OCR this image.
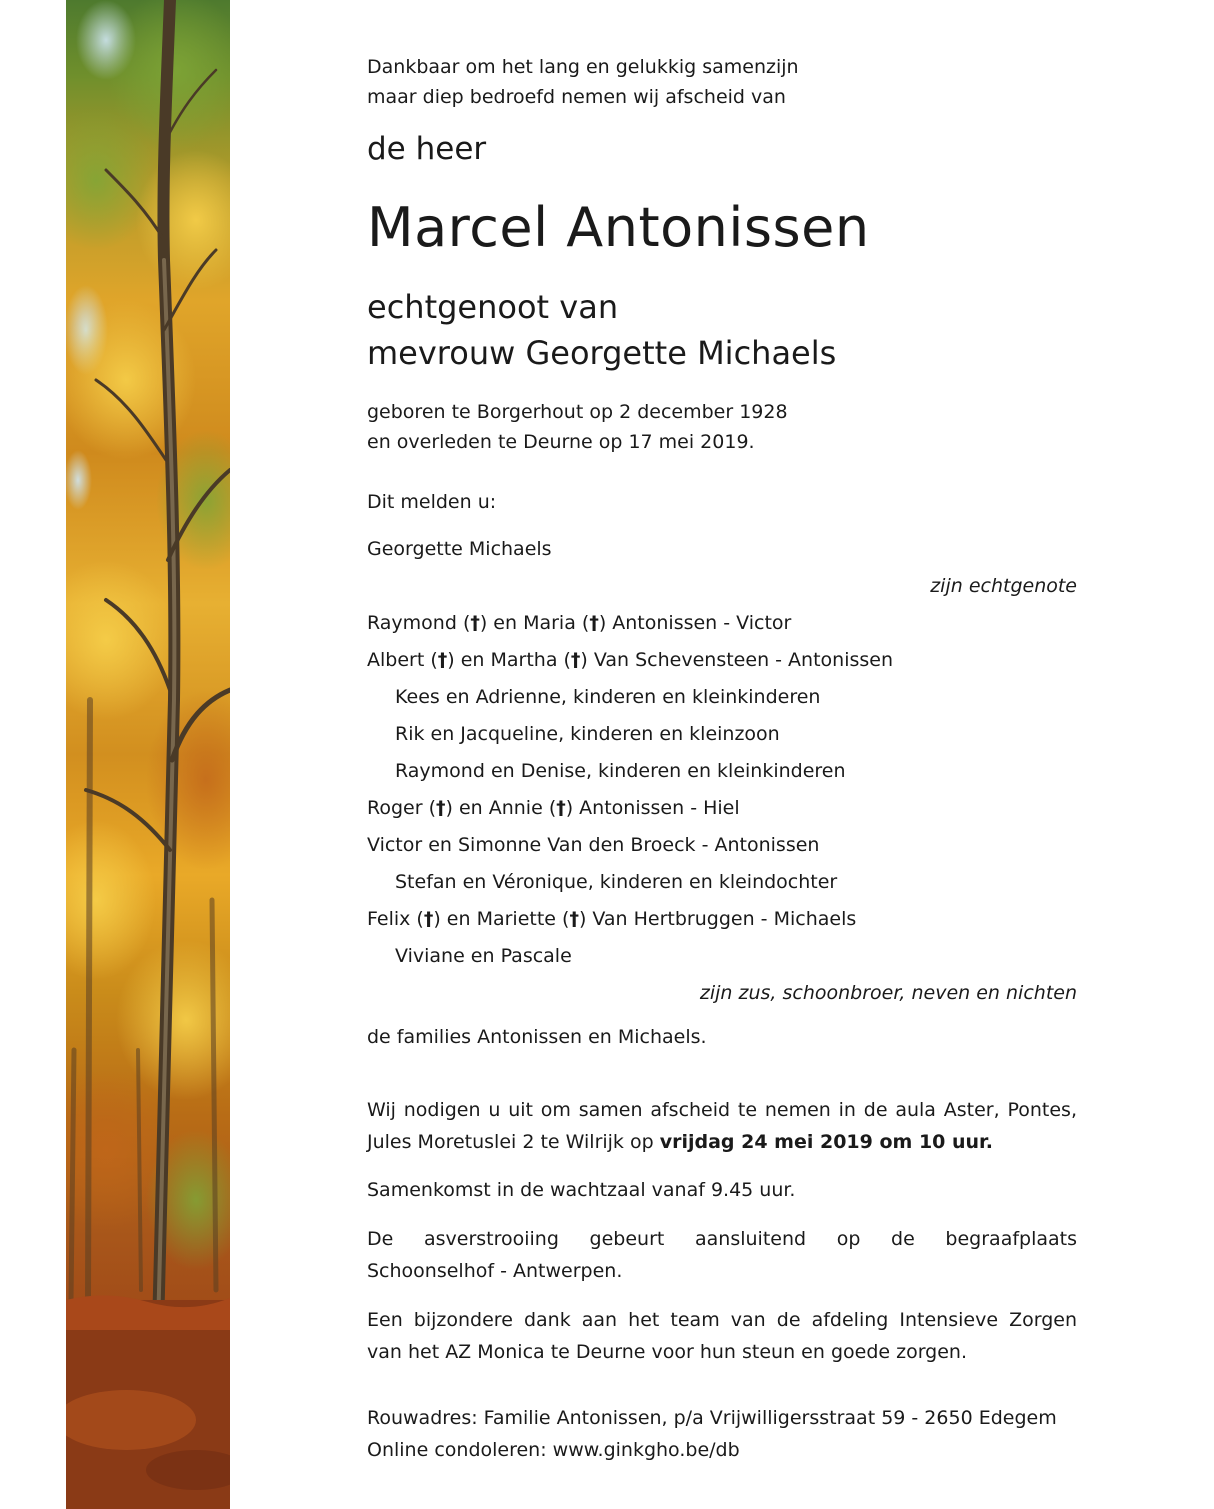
Dankbaar om het lang en gelukkig samenzijn
maar diep bedroefd nemen wij afscheid van
de heer
Marcel Antonissen
echtgenoot van
mevrouw Georgette Michaels
geboren te Borgerhout op 2 december 1928
en overleden te Deurne op 17 mei 2019.
Dit melden u:
Georgette Michaels
zijn echtgenote
Raymond (†) en Maria (†) Antonissen - Victor
Albert (†) en Martha (†) Van Schevensteen - Antonissen
Kees en Adrienne, kinderen en kleinkinderen
Rik en Jacqueline, kinderen en kleinzoon
Raymond en Denise, kinderen en kleinkinderen
Roger (†) en Annie (†) Antonissen - Hiel
Victor en Simonne Van den Broeck - Antonissen
Stefan en Véronique, kinderen en kleindochter
Felix (†) en Mariette (†) Van Hertbruggen - Michaels
Viviane en Pascale
zijn zus, schoonbroer, neven en nichten
de families Antonissen en Michaels.
Wij nodigen u uit om samen afscheid te nemen in de aula Aster, Pontes,
Jules Moretuslei 2 te Wilrijk op vrijdag 24 mei 2019 om 10 uur.
Samenkomst in de wachtzaal vanaf 9.45 uur.
De asverstrooiing gebeurt aansluitend op de begraafplaats
Schoonselhof - Antwerpen.
Een bijzondere dank aan het team van de afdeling Intensieve Zorgen
van het AZ Monica te Deurne voor hun steun en goede zorgen.
Rouwadres: Familie Antonissen, p/a Vrijwilligersstraat 59 - 2650 Edegem
Online condoleren: www.ginkgho.be/db
